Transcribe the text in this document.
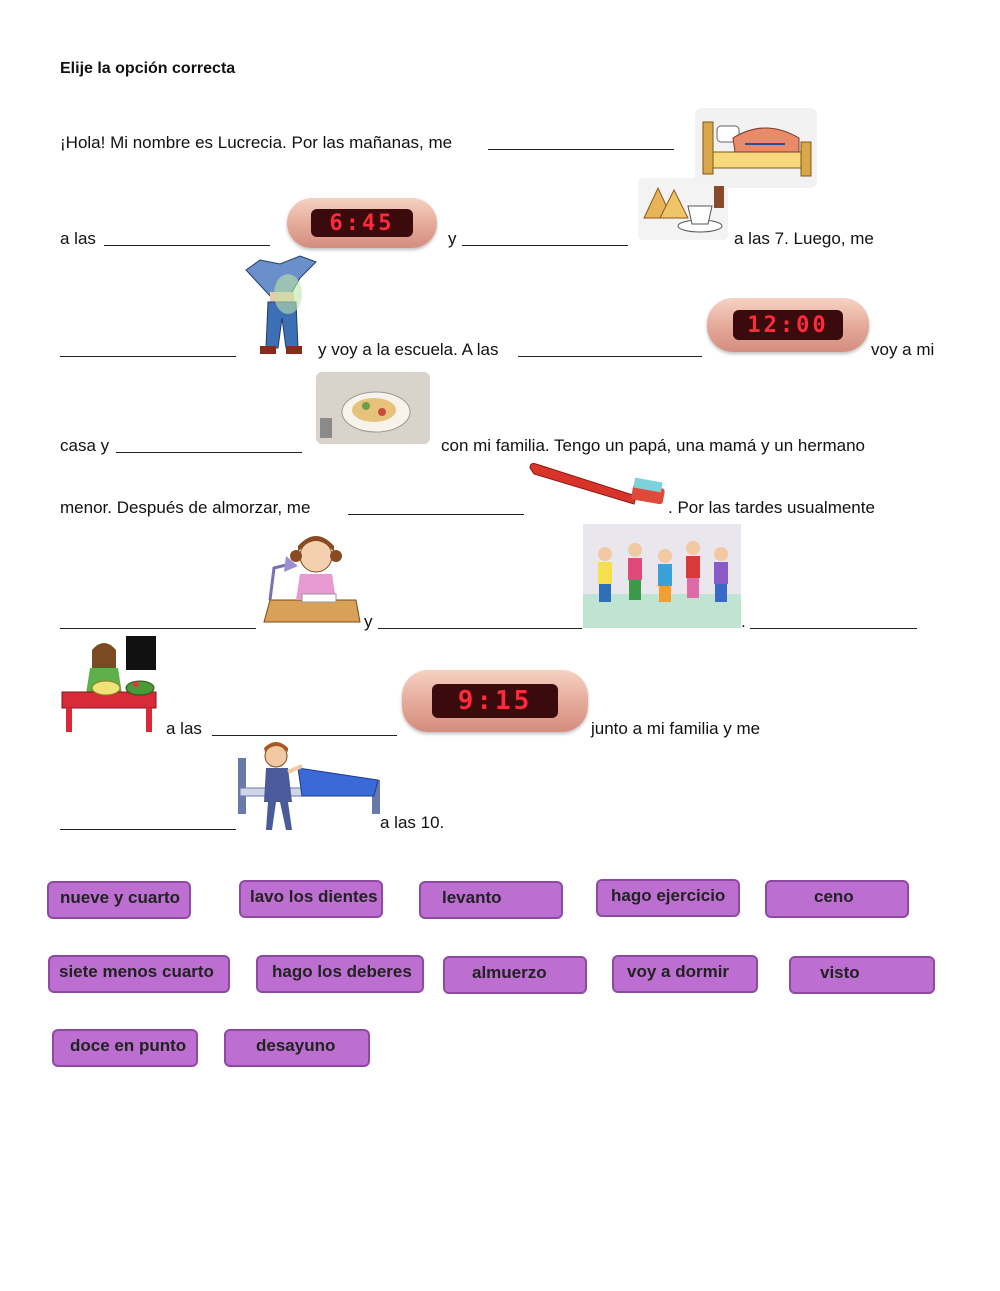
Elije la opción correcta
¡Hola! Mi nombre es Lucrecia. Por las mañanas, me
a las
6:45
y	a las 7. Luego, me
y voy a la escuela. A las
12:00
voy a mi
casa y	con mi familia. Tengo un papá, una mamá y un hermano
menor. Después de almorzar, me	. Por las tardes usualmente
y	.
a las
9:15
junto a mi familia y me
a las 10.
nueve y cuarto	lavo los dientes	levanto	hago ejercicio	ceno
siete menos cuarto	hago los deberes	almuerzo	voy a dormir	visto
doce en punto	desayuno
